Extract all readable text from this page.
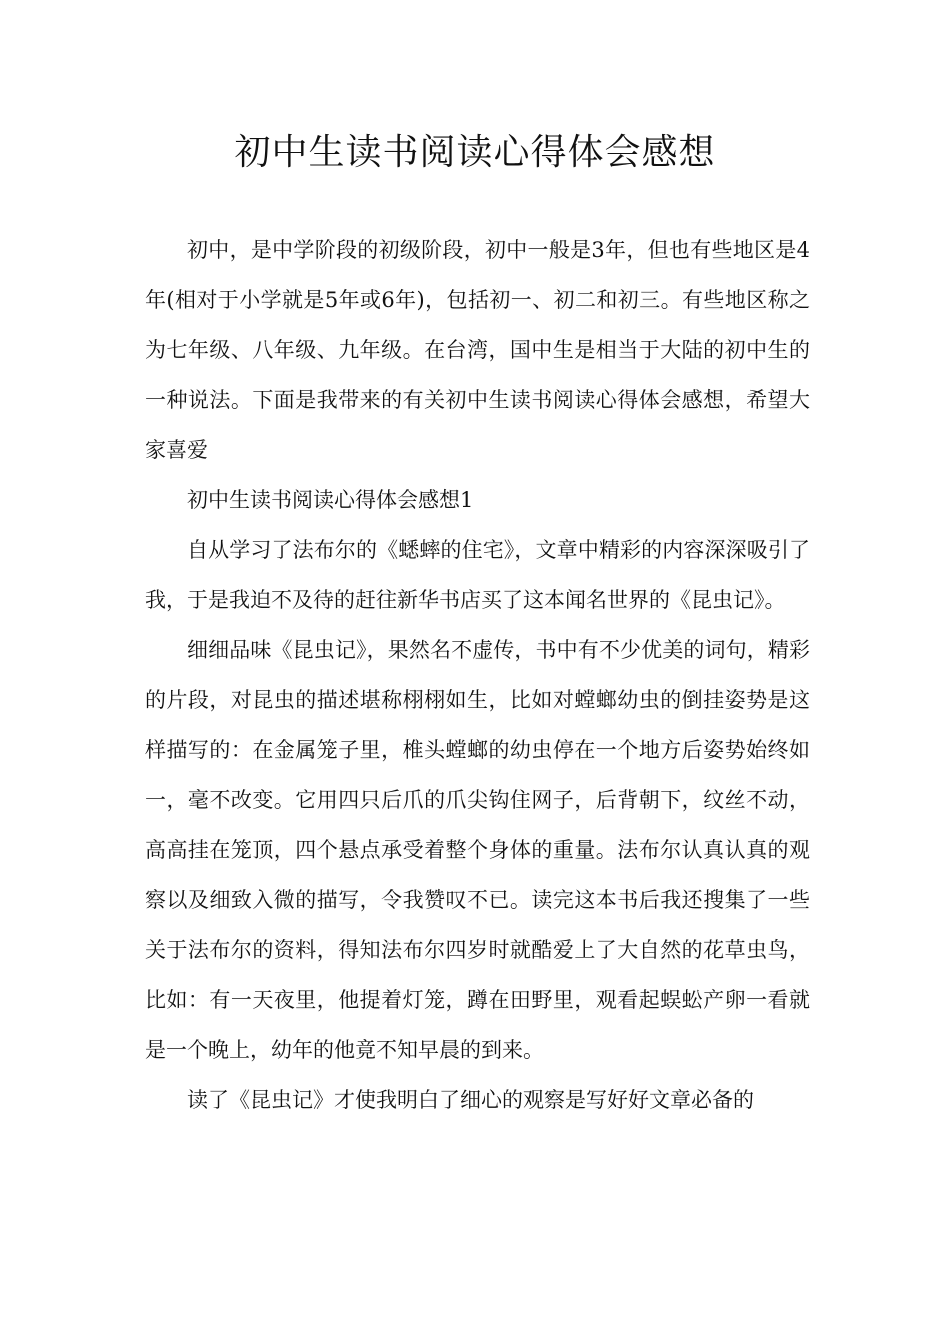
初中生读书阅读心得体会感想

初中，是中学阶段的初级阶段，初中一般是3年，但也有些地区是4年(相对于小学就是5年或6年)，包括初一、初二和初三。有些地区称之为七年级、八年级、九年级。在台湾，国中生是相当于大陆的初中生的一种说法。下面是我带来的有关初中生读书阅读心得体会感想，希望大家喜爱

初中生读书阅读心得体会感想1

自从学习了法布尔的《蟋蟀的住宅》，文章中精彩的内容深深吸引了我，于是我迫不及待的赶往新华书店买了这本闻名世界的《昆虫记》。

细细品味《昆虫记》，果然名不虚传，书中有不少优美的词句，精彩的片段，对昆虫的描述堪称栩栩如生，比如对螳螂幼虫的倒挂姿势是这样描写的：在金属笼子里，椎头螳螂的幼虫停在一个地方后姿势始终如一，毫不改变。它用四只后爪的爪尖钩住网子，后背朝下，纹丝不动，高高挂在笼顶，四个悬点承受着整个身体的重量。法布尔认真认真的观察以及细致入微的描写，令我赞叹不已。读完这本书后我还搜集了一些关于法布尔的资料，得知法布尔四岁时就酷爱上了大自然的花草虫鸟，比如：有一天夜里，他提着灯笼，蹲在田野里，观看起蜈蚣产卵一看就是一个晚上，幼年的他竟不知早晨的到来。

读了《昆虫记》才使我明白了细心的观察是写好好文章必备的
